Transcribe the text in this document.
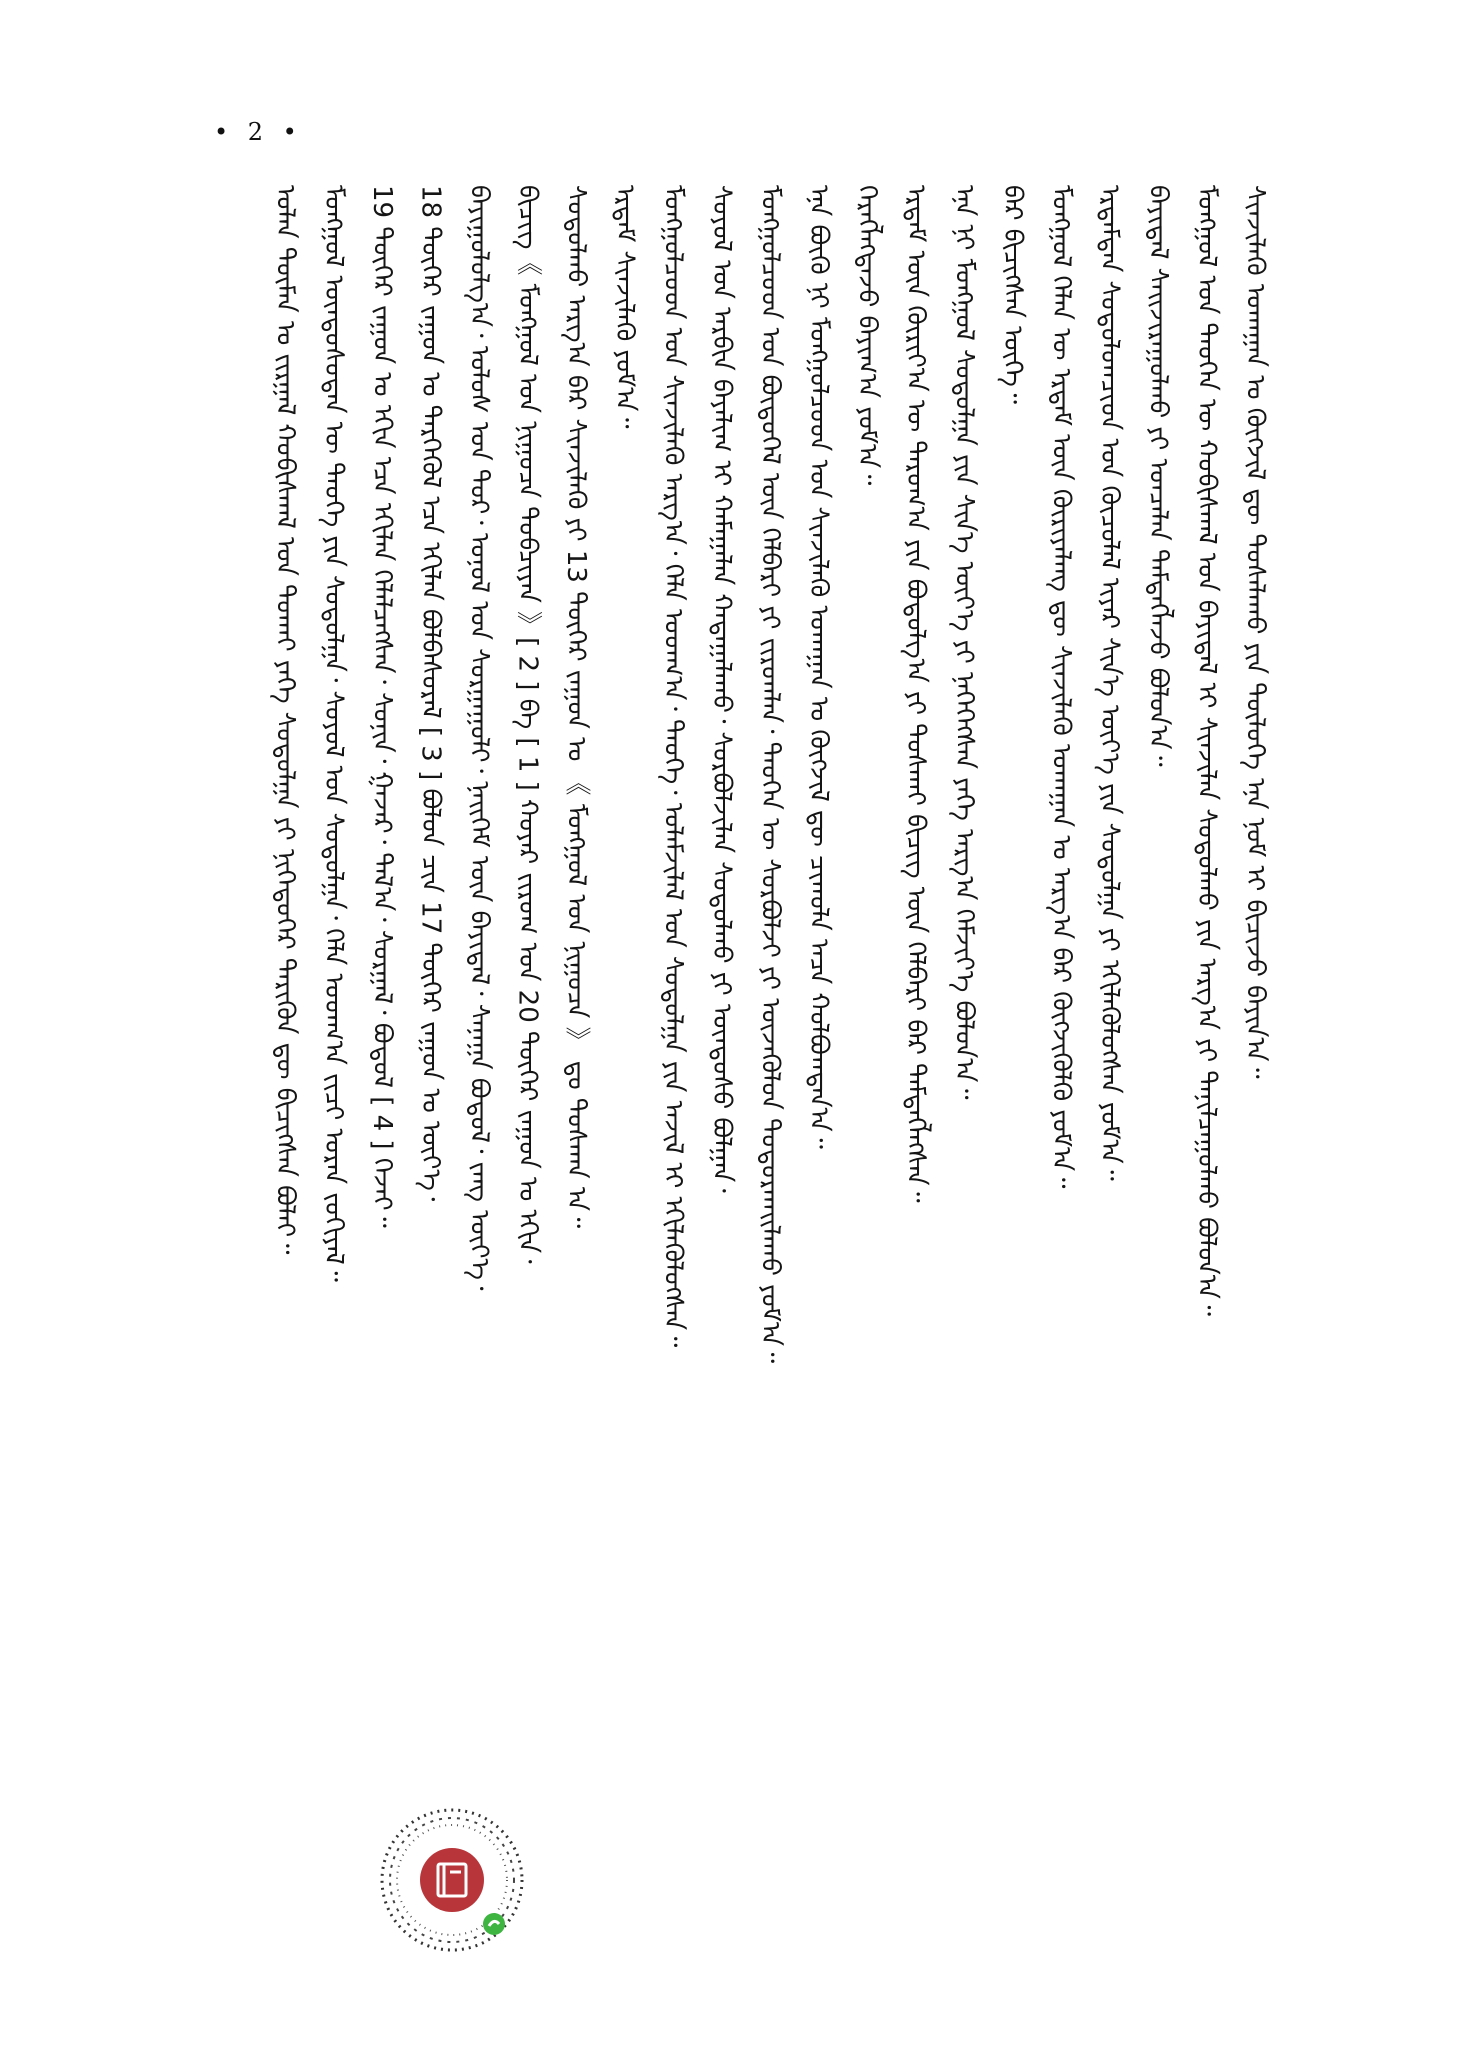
• 2 •
ᠣᠯᠠᠨ ᠲᠦᠮᠡᠨ ᠤ ᠵᠢᠷᠭᠠᠯ ᠬᠤᠪᠢᠰᠬᠠᠯ ᠤᠨ ᠲᠤᠬᠠᠢ ᠶᠡᠬᠡ ᠰᠤᠳᠤᠯᠭᠠ ᠶᠢ ᠨᠢᠭᠡᠳᠦᠭᠡᠷ ᠲᠡᠷᠢᠭᠦᠨ ᠳᠦ ᠪᠢᠴᠢᠭᠰᠡᠨ ᠪᠣᠯᠠᠢ᠃ ᠮᠣᠩᠭᠣᠯ ᠦᠨᠳᠦᠰᠦᠲᠡᠨ ᠦ ᠲᠡᠦᠬᠡ ᠶᠢᠨ ᠰᠤᠳᠤᠯᠭᠠ᠂ ᠰᠣᠶᠤᠯ ᠤᠨ ᠰᠤᠳᠤᠯᠭᠠ᠂ ᠬᠡᠯᠡ ᠤᠳᠬ᠎ᠠ ᠵᠢᠴᠢ ᠤᠷᠠᠨ ᠵᠣᠬᠢᠶᠠᠯ᠃ 19 ᠳᠦᠭᠡᠷ ᠵᠠᠭᠤᠨ ᠤ ᠡᠬᠢᠨ ᠡᠴᠡ ᠡᠬᠢᠯᠡᠨ ᠬᠡᠯᠡᠯᠴᠡᠭᠰᠡᠨ᠂ ᠰᠣᠨᠢᠨ᠂ ᠭᠠᠵᠠᠷ᠂ ᠲᠠᠯ᠎ᠠ᠂ ᠰᠤᠷᠭᠠᠯ᠂ ᠪᠣᠳᠤᠯ [ 4 ] ᠭᠡᠵᠡᠢ᠃ 18 ᠳᠦᠭᠡᠷ ᠵᠠᠭᠤᠨ ᠤ ᠲᠡᠷᠭᠡᠭᠦᠯ ᠡᠴᠡ ᠡᠬᠢᠯᠡᠨ ᠪᠣᠯᠪᠠᠰᠤᠷᠠᠯ [ 3 ] ᠪᠣᠯᠤᠨ ᠴᠢᠨ 17 ᠳᠦᠭᠡᠷ ᠵᠠᠭᠤᠨ ᠤ ᠦᠶ᠎ᠡ᠂ ᠪᠠᠶᠢᠭᠤᠯᠤᠯᠭ᠎ᠠ᠂ ᠤᠯᠤᠰ ᠤᠨ ᠲᠣᠷ᠂ ᠣᠨᠤᠯ ᠤᠨ ᠰᠤᠷᠭᠠᠭᠤᠯᠢ᠂ ᠨᠡᠢᠭᠡᠮ ᠦᠨ ᠪᠠᠶᠢᠳᠠᠯ᠂ ᠰᠠᠨᠠᠭᠠ ᠪᠣᠳᠤᠯ᠂ ᠵᠠᠩ ᠦᠶ᠎ᠡ᠂ ᠪᠢᠴᠢᠭ᠌《 ᠮᠣᠩᠭᠣᠯ ᠤᠨ ᠨᠢᠭᠤᠴᠠ ᠲᠣᠪᠴᠢᠶᠠᠨ 》[ 2 ] ᠪᠠ [ 1 ] ᠬᠣᠶᠠᠷ ᠵᠢᠷᠤᠭ ᠤᠨ 20 ᠳᠦᠭᠡᠷ ᠵᠠᠭᠤᠨ ᠤ ᠡᠬᠢᠨ᠂ ᠰᠤᠳᠤᠯᠬᠤ ᠠᠷᠭ᠎ᠠ ᠪᠠᠷ ᠰᠢᠨᠵᠢᠯᠡᠬᠦ ᠶᠢ 13 ᠳᠦᠭᠡᠷ ᠵᠠᠭᠤᠨ ᠤ 《 ᠮᠣᠩᠭᠣᠯ ᠤᠨ ᠨᠢᠭᠤᠴᠠ 》 ᠳᠤ ᠲᠣᠰᠬᠠᠨ ᠠ᠃ ᠡᠷᠳᠡᠮ ᠰᠢᠨᠵᠢᠯᠡᠬᠦ ᠶᠤᠮ᠎ᠠ᠃ ᠮᠣᠩᠭᠣᠯᠴᠤᠳ ᠤᠨ ᠰᠢᠨᠵᠢᠯᠡᠬᠦ ᠠᠷᠭ᠎ᠠ᠂ ᠬᠡᠯᠡ ᠤᠳᠬ᠎ᠠ᠂ ᠲᠡᠦᠬᠡ᠂ ᠤᠯᠠᠮᠵᠢᠯᠠᠯ ᠤᠨ ᠰᠤᠳᠤᠯᠭᠠ ᠶᠢᠨ ᠠᠵᠢᠯ ᠢ ᠡᠬᠢᠯᠡᠭᠦᠯᠦᠭᠰᠡᠨ᠃ ᠰᠣᠶᠤᠯ ᠤᠨ ᠠᠷᠪᠢᠨ ᠪᠠᠶᠠᠯᠢᠭ ᠢ ᠬᠠᠮᠠᠭᠠᠯᠠᠨ ᠬᠠᠳᠠᠭᠠᠯᠠᠬᠤ᠂ ᠰᠤᠷᠪᠤᠯᠵᠢᠯᠠᠨ ᠰᠤᠳᠤᠯᠬᠤ ᠶᠢ ᠦᠨᠳᠦᠰᠦ ᠪᠣᠯᠭᠠᠨ᠂ ᠮᠣᠩᠭᠣᠯᠴᠤᠳ ᠤᠨ ᠪᠦᠲᠦᠭᠡᠯ ᠦᠨ ᠬᠡᠯᠪᠡᠷᠢ ᠶᠢ ᠵᠢᠷᠤᠭᠯᠠᠨ᠂ ᠲᠡᠦᠬᠡᠨ ᠦ ᠰᠤᠷᠪᠤᠯᠵᠢ ᠶᠢ ᠦᠵᠡᠭᠦᠯᠦᠨ ᠲᠣᠳᠤᠷᠬᠠᠢᠯᠠᠬᠤ ᠶᠤᠮ᠎ᠠ᠃ ᠡᠨᠡ ᠪᠦᠬᠦ ᠨᠢ ᠮᠣᠩᠭᠣᠯᠴᠤᠳ ᠤᠨ ᠰᠢᠨᠵᠢᠯᠡᠬᠦ ᠤᠬᠠᠭᠠᠨ ᠤ ᠬᠥᠭᠵᠢᠯ ᠳᠦ ᠴᠢᠬᠤᠯᠠ ᠠᠴᠠ ᠬᠣᠯᠪᠣᠭᠳᠠᠨ᠎ᠠ᠃ ᠬᠡᠷᠡᠭᠯᠡᠭᠳᠡᠵᠦ ᠪᠠᠶᠢᠭ᠎ᠠ ᠶᠤᠮ᠎ᠠ᠃ ᠡᠷᠳᠡᠮ ᠦᠨ ᠬᠦᠷᠢᠶ᠎ᠡᠨ ᠦ ᠳᠠᠷᠤᠭ᠎ᠠ ᠶᠢᠨ ᠪᠣᠳᠤᠯᠭ᠎ᠠ ᠶᠢ ᠲᠤᠰᠬᠠᠢ ᠪᠢᠴᠢᠭ ᠦᠨ ᠬᠡᠯᠪᠡᠷᠢ ᠪᠡᠷ ᠲᠡᠮᠳᠡᠭᠯᠡᠭᠰᠡᠨ᠃ ᠡᠨᠡ ᠨᠢ ᠮᠣᠩᠭᠣᠯ ᠰᠤᠳᠤᠯᠭᠠ ᠶᠢᠨ ᠰᠢᠨ᠎ᠡ ᠦᠶ᠎ᠡ ᠶᠢ ᠨᠡᠭᠡᠭᠡᠭᠰᠡᠨ ᠶᠡᠬᠡ ᠠᠷᠭ᠎ᠠ ᠬᠡᠮᠵᠢᠶ᠎ᠡ ᠪᠣᠯᠤᠨ᠎ᠠ᠃ ᠪᠠᠷ ᠪᠢᠴᠢᠭᠰᠡᠨ ᠦᠭᠡ᠃ ᠮᠣᠩᠭᠣᠯ ᠬᠡᠯᠡᠨ ᠦ ᠡᠷᠳᠡᠮ ᠦᠨ ᠬᠦᠷᠢᠶᠡᠯᠡᠩ ᠳᠦ ᠰᠢᠨᠵᠢᠯᠡᠬᠦ ᠤᠬᠠᠭᠠᠨ ᠤ ᠠᠷᠭ᠎ᠠ ᠪᠠᠷ ᠬᠥᠭᠵᠢᠭᠦᠯᠬᠦ ᠶᠤᠮ᠎ᠠ᠃ ᠡᠷᠳᠡᠮᠲᠡᠨ ᠰᠤᠳᠤᠯᠤᠭᠴᠢᠳ ᠤᠨ ᠬᠦᠴᠦᠯᠡᠯ ᠢᠶᠡᠷ ᠰᠢᠨ᠎ᠡ ᠦᠶ᠎ᠡ ᠶᠢᠨ ᠰᠤᠳᠤᠯᠭᠠ ᠶᠢ ᠡᠬᠢᠯᠡᠭᠦᠯᠦᠭᠰᠡᠨ ᠶᠤᠮ᠎ᠠ᠃ ᠪᠠᠶᠢᠳᠠᠯ ᠰᠠᠢᠵᠢᠷᠠᠭᠤᠯᠬᠤ ᠶᠢ ᠣᠨᠴᠠᠯᠠᠨ ᠲᠡᠮᠳᠡᠭᠯᠡᠵᠦ ᠪᠣᠯᠤᠨ᠎ᠠ᠃ ᠮᠣᠩᠭᠣᠯ ᠤᠨ ᠲᠡᠦᠬᠡᠨ ᠦ ᠬᠤᠪᠢᠰᠬᠠᠯ ᠤᠨ ᠪᠠᠶᠢᠳᠠᠯ ᠢ ᠰᠢᠨᠵᠢᠯᠡᠨ ᠰᠤᠳᠤᠯᠬᠤ ᠶᠢᠨ ᠠᠷᠭ᠎ᠠ ᠶᠢ ᠲᠠᠨᠢᠯᠴᠠᠭᠤᠯᠬᠤ ᠪᠣᠯᠤᠨ᠎ᠠ᠃ ᠰᠢᠨᠵᠢᠯᠡᠬᠦ ᠤᠬᠠᠭᠠᠨ ᠤ ᠬᠥᠭᠵᠢᠯ ᠳᠦ ᠲᠤᠰᠠᠯᠠᠬᠤ ᠶᠢᠨ ᠲᠥᠯᠥᠭᠡ ᠡᠨᠡ ᠨᠣᠮ ᠢ ᠪᠢᠴᠢᠵᠦ ᠪᠠᠶᠢᠨ᠎ᠠ᠃
